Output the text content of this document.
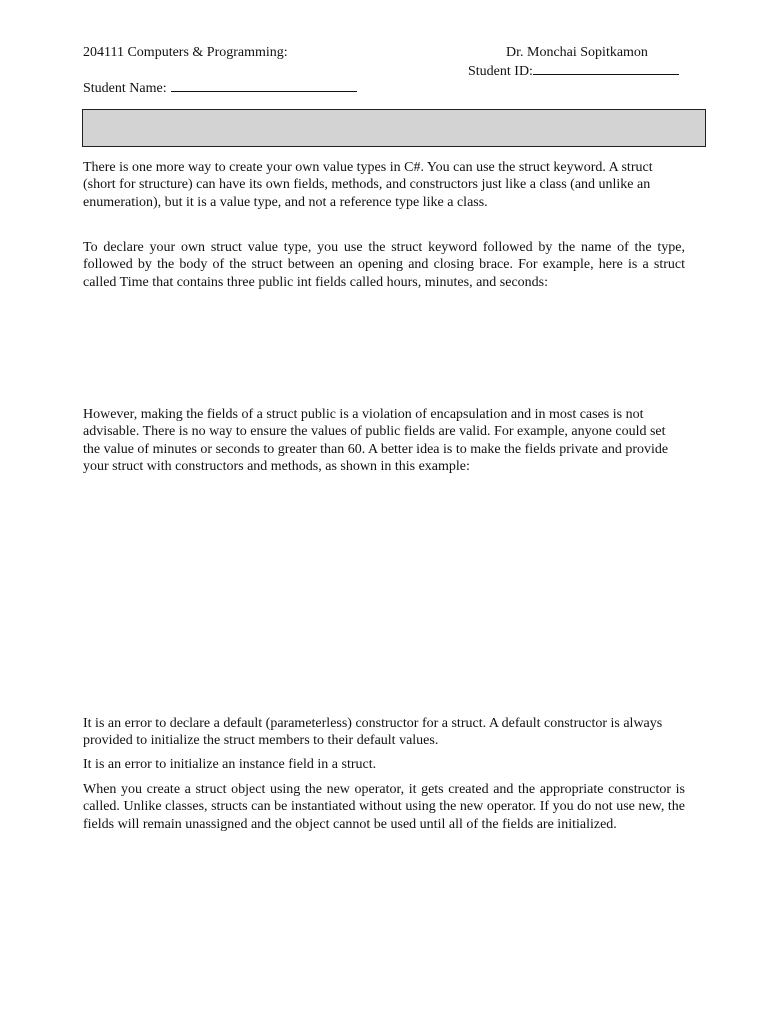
204111 Computers & Programming:	Dr. Monchai Sopitkamon
Student ID:
Student Name:

There is one more way to create your own value types in C#. You can use the struct keyword. A struct (short for structure) can have its own fields, methods, and constructors just like a class (and unlike an enumeration), but it is a value type, and not a reference type like a class.

To declare your own struct value type, you use the struct keyword followed by the name of the type, followed by the body of the struct between an opening and closing brace. For example, here is a struct called Time that contains three public int fields called hours, minutes, and seconds:

However, making the fields of a struct public is a violation of encapsulation and in most cases is not advisable. There is no way to ensure the values of public fields are valid. For example, anyone could set the value of minutes or seconds to greater than 60. A better idea is to make the fields private and provide your struct with constructors and methods, as shown in this example:

It is an error to declare a default (parameterless) constructor for a struct. A default constructor is always provided to initialize the struct members to their default values.

It is an error to initialize an instance field in a struct.

When you create a struct object using the new operator, it gets created and the appropriate constructor is called. Unlike classes, structs can be instantiated without using the new operator. If you do not use new, the fields will remain unassigned and the object cannot be used until all of the fields are initialized.
